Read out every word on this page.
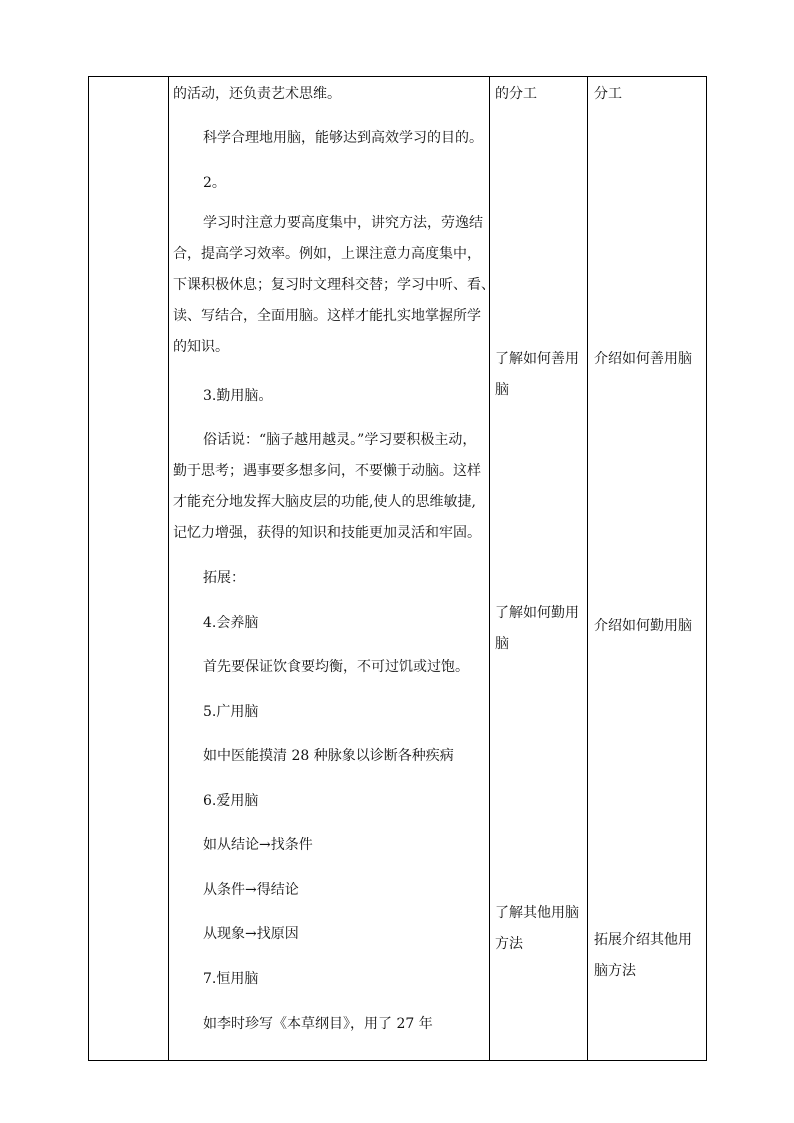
的活动，还负责艺术思维。
科学合理地用脑，能够达到高效学习的目的。
2。
学习时注意力要高度集中，讲究方法，劳逸结
合，提高学习效率。例如，上课注意力高度集中，
下课积极休息；复习时文理科交替；学习中听、看、
读、写结合，全面用脑。这样才能扎实地掌握所学
的知识。
3.勤用脑。
俗话说：“脑子越用越灵。”学习要积极主动，
勤于思考；遇事要多想多问，不要懒于动脑。这样
才能充分地发挥大脑皮层的功能,使人的思维敏捷,
记忆力增强，获得的知识和技能更加灵活和牢固。
拓展：
4.会养脑
首先要保证饮食要均衡，不可过饥或过饱。
5.广用脑
如中医能摸清 28 种脉象以诊断各种疾病
6.爱用脑
如从结论→找条件
从条件→得结论
从现象→找原因
7.恒用脑
如李时珍写《本草纲目》，用了 27 年
的分工
了解如何善用
脑
了解如何勤用
脑
了解其他用脑
方法
分工
介绍如何善用脑
介绍如何勤用脑
拓展介绍其他用
脑方法
